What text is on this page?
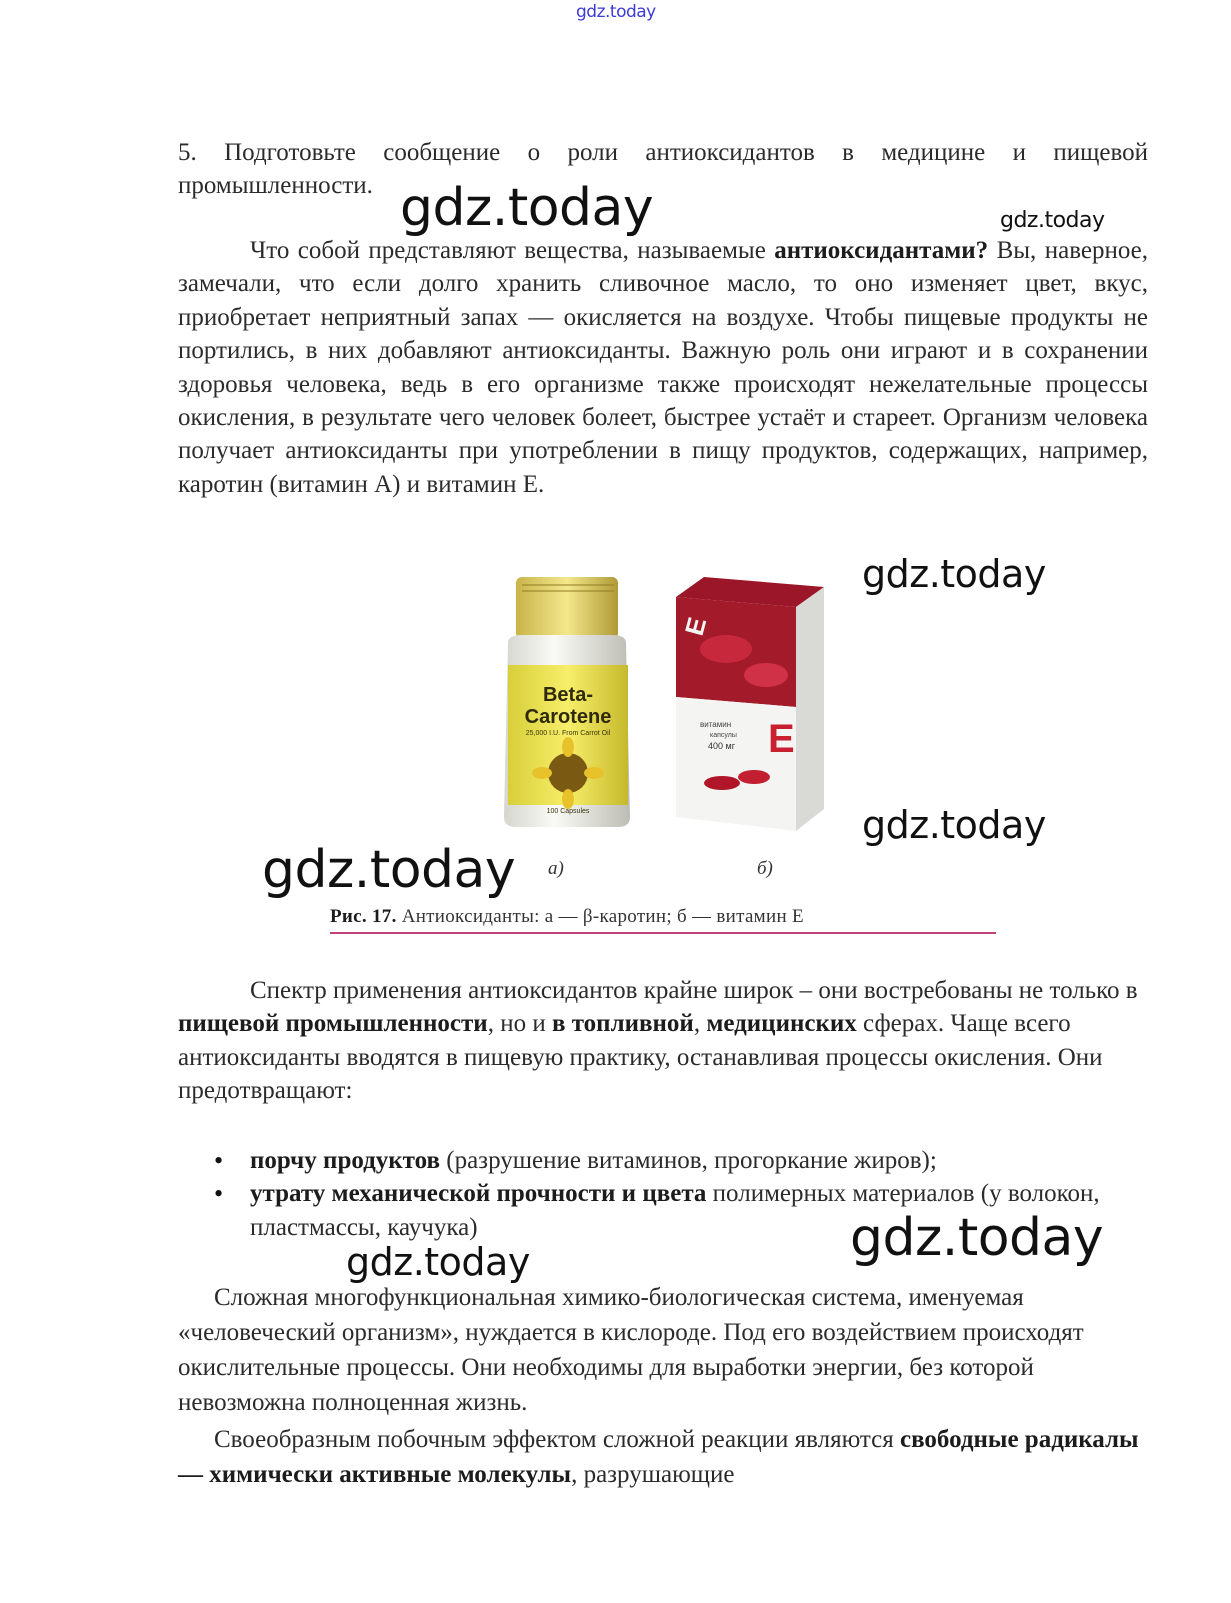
gdz.today
gdz.today	gdz.today
gdz.today
gdz.today
gdz.today
gdz.today
gdz.today

5. Подготовьте сообщение о роли антиоксидантов в медицине и пищевой промышленности.

Что собой представляют вещества, называемые антиоксидантами? Вы, наверное, замечали, что если долго хранить сливочное масло, то оно изменяет цвет, вкус, приобретает неприятный запах — окисляется на воздухе. Чтобы пищевые продукты не портились, в них добавляют антиоксиданты. Важную роль они играют и в сохранении здоровья человека, ведь в его организме также происходят нежелательные процессы окисления, в результате чего человек болеет, быстрее устаёт и стареет. Организм человека получает антиоксиданты при употреблении в пищу продуктов, содержащих, например, каротин (витамин А) и витамин Е.

Beta-
Carotene
25,000 I.U. From Carrot Oil
100 Capsules
E
E
витамин
капсулы
400 мг
а)	б)
Рис. 17. Антиоксиданты: а — β-каротин; б — витамин Е

Спектр применения антиоксидантов крайне широк – они востребованы не только в пищевой промышленности, но и в топливной, медицинских сферах. Чаще всего антиоксиданты вводятся в пищевую практику, останавливая процессы окисления. Они предотвращают:

• порчу продуктов (разрушение витаминов, прогоркание жиров);
• утрату механической прочности и цвета полимерных материалов (у волокон, пластмассы, каучука)

Сложная многофункциональная химико-биологическая система, именуемая «человеческий организм», нуждается в кислороде. Под его воздействием происходят окислительные процессы. Они необходимы для выработки энергии, без которой невозможна полноценная жизнь.

Своеобразным побочным эффектом сложной реакции являются свободные радикалы — химически активные молекулы, разрушающие
